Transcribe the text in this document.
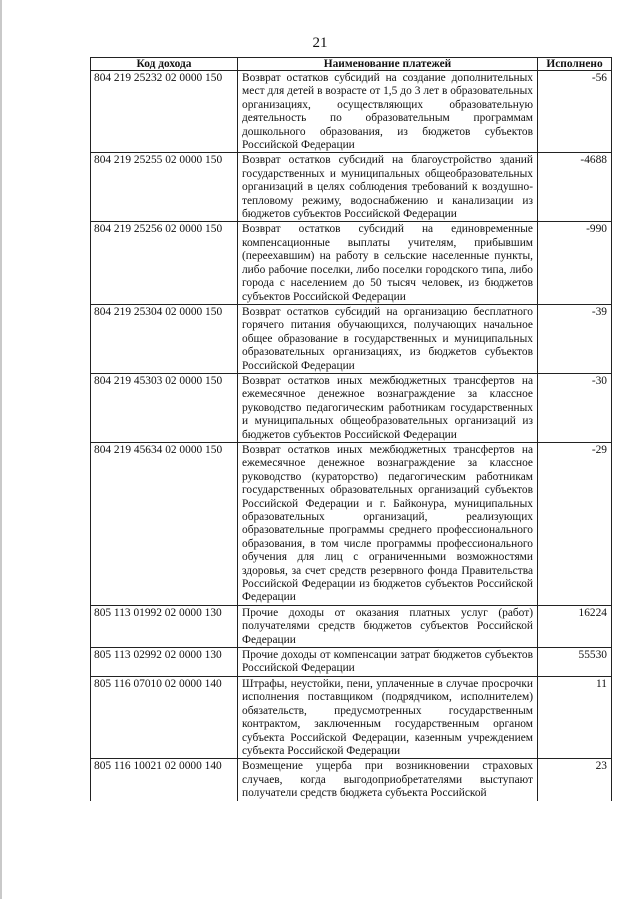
21
Код дохода	Наименование платежей	Исполнено
804 219 25232 02 0000 150	Возврат остатков субсидий на создание дополнительных мест для детей в возрасте от 1,5 до 3 лет в образовательных организациях, осуществляющих образовательную деятельность по образовательным программам дошкольного образования, из бюджетов субъектов Российской Федерации	-56
804 219 25255 02 0000 150	Возврат остатков субсидий на благоустройство зданий государственных и муниципальных общеобразовательных организаций в целях соблюдения требований к воздушно-тепловому режиму, водоснабжению и канализации из бюджетов субъектов Российской Федерации	-4688
804 219 25256 02 0000 150	Возврат остатков субсидий на единовременные компенсационные выплаты учителям, прибывшим (переехавшим) на работу в сельские населенные пункты, либо рабочие поселки, либо поселки городского типа, либо города с населением до 50 тысяч человек, из бюджетов субъектов Российской Федерации	-990
804 219 25304 02 0000 150	Возврат остатков субсидий на организацию бесплатного горячего питания обучающихся, получающих начальное общее образование в государственных и муниципальных образовательных организациях, из бюджетов субъектов Российской Федерации	-39
804 219 45303 02 0000 150	Возврат остатков иных межбюджетных трансфертов на ежемесячное денежное вознаграждение за классное руководство педагогическим работникам государственных и муниципальных общеобразовательных организаций из бюджетов субъектов Российской Федерации	-30
804 219 45634 02 0000 150	Возврат остатков иных межбюджетных трансфертов на ежемесячное денежное вознаграждение за классное руководство (кураторство) педагогическим работникам государственных образовательных организаций субъектов Российской Федерации и г. Байконура, муниципальных образовательных организаций, реализующих образовательные программы среднего профессионального образования, в том числе программы профессионального обучения для лиц с ограниченными возможностями здоровья, за счет средств резервного фонда Правительства Российской Федерации из бюджетов субъектов Российской Федерации	-29
805 113 01992 02 0000 130	Прочие доходы от оказания платных услуг (работ) получателями средств бюджетов субъектов Российской Федерации	16224
805 113 02992 02 0000 130	Прочие доходы от компенсации затрат бюджетов субъектов Российской Федерации	55530
805 116 07010 02 0000 140	Штрафы, неустойки, пени, уплаченные в случае просрочки исполнения поставщиком (подрядчиком, исполнителем) обязательств, предусмотренных государственным контрактом, заключенным государственным органом субъекта Российской Федерации, казенным учреждением субъекта Российской Федерации	11
805 116 10021 02 0000 140	Возмещение ущерба при возникновении страховых случаев, когда выгодоприобретателями выступают получатели средств бюджета субъекта Российской	23
